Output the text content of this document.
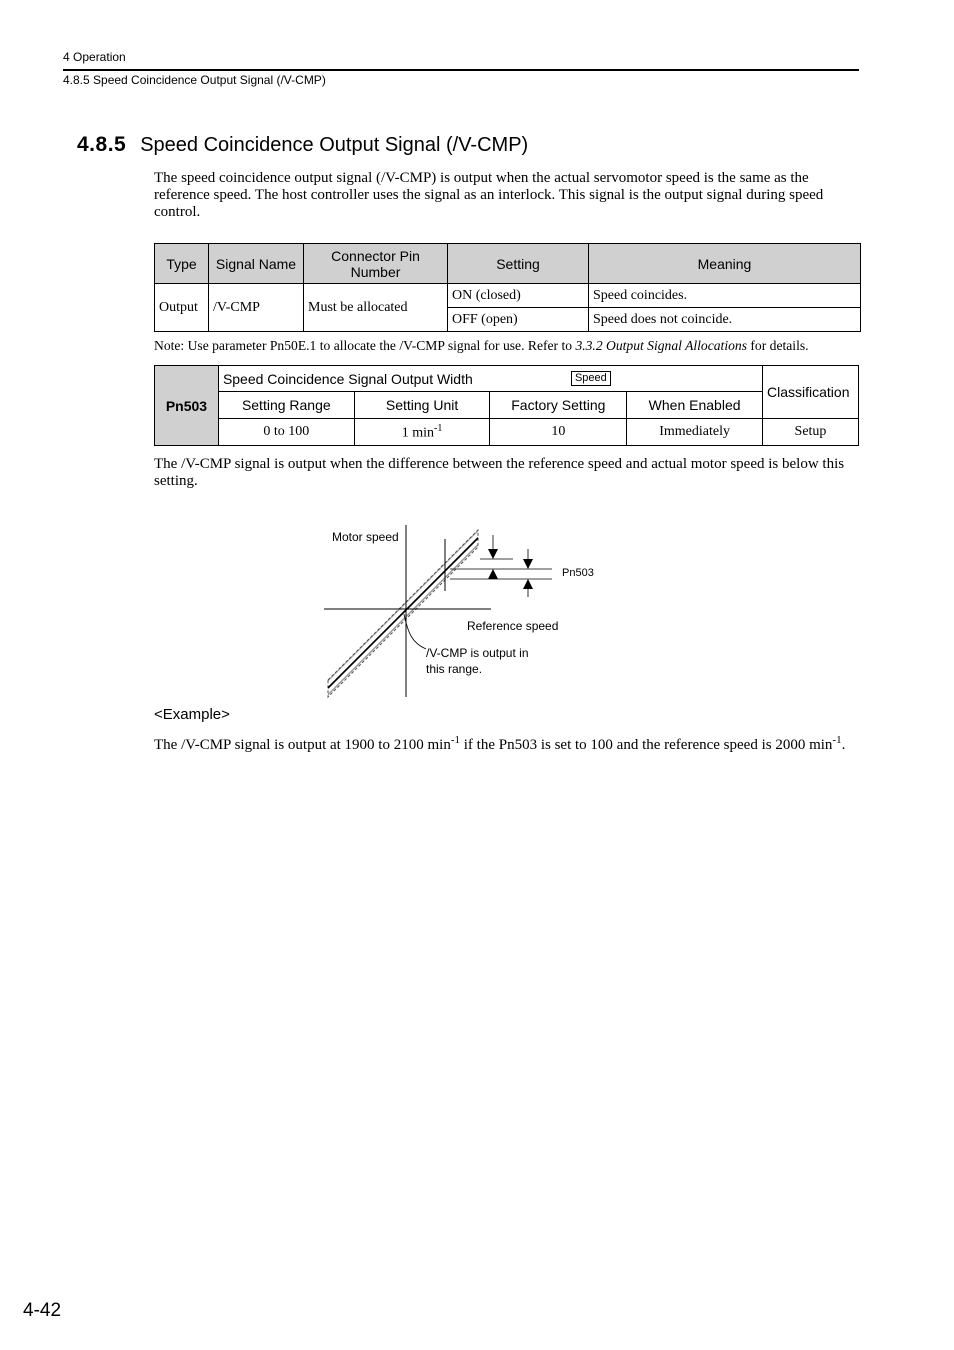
4 Operation
4.8.5 Speed Coincidence Output Signal (/V-CMP)
4.8.5 Speed Coincidence Output Signal (/V-CMP)
The speed coincidence output signal (/V-CMP) is output when the actual servomotor speed is the same as the reference speed. The host controller uses the signal as an interlock. This signal is the output signal during speed control.
Type	Signal Name	Connector Pin Number	Setting	Meaning
Output	/V-CMP	Must be allocated	ON (closed)	Speed coincides.
			OFF (open)	Speed does not coincide.
Note: Use parameter Pn50E.1 to allocate the /V-CMP signal for use. Refer to 3.3.2 Output Signal Allocations for details.
Pn503	Speed Coincidence Signal Output Width Speed				Classification
	Setting Range	Setting Unit	Factory Setting	When Enabled	
	0 to 100	1 $\min^{-1}$	10	Immediately	Setup
The /V-CMP signal is output when the difference between the reference speed and actual motor speed is below this setting.
Motor speed
Pn503
Reference speed
/V-CMP is output in
this range.
<Example>
The /V-CMP signal is output at 1900 to 2100 $\min^{-1}$ if the Pn503 is set to 100 and the reference speed is 2000 $\min^{-1}$.
4-42
